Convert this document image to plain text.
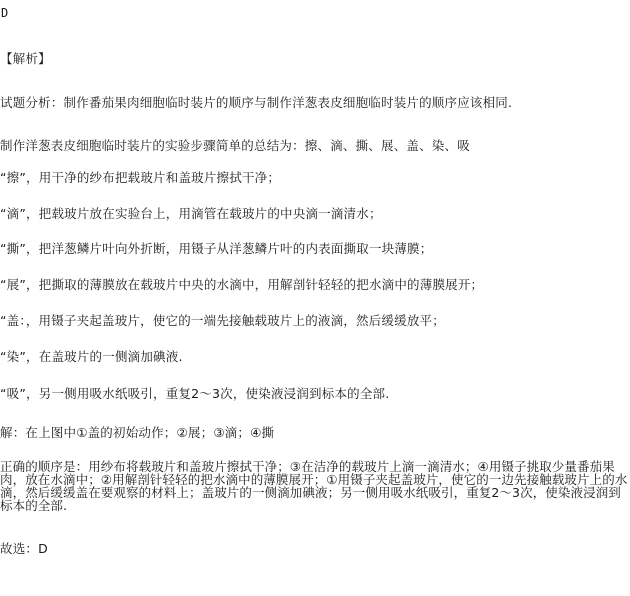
D
【解析】
试题分析：制作番茄果肉细胞临时装片的顺序与制作洋葱表皮细胞临时装片的顺序应该相同.
制作洋葱表皮细胞临时装片的实验步骤简单的总结为：擦、滴、撕、展、盖、染、吸
“擦”，用干净的纱布把载玻片和盖玻片擦拭干净；
“滴”，把载玻片放在实验台上，用滴管在载玻片的中央滴一滴清水；
“撕”，把洋葱鳞片叶向外折断，用镊子从洋葱鳞片叶的内表面撕取一块薄膜；
“展”，把撕取的薄膜放在载玻片中央的水滴中，用解剖针轻轻的把水滴中的薄膜展开；
“盖：，用镊子夹起盖玻片，使它的一端先接触载玻片上的液滴，然后缓缓放平；
“染”，在盖玻片的一侧滴加碘液.
“吸”，另一侧用吸水纸吸引，重复2～3次，使染液浸润到标本的全部.
解：在上图中①盖的初始动作；②展；③滴；④撕
正确的顺序是：用纱布将载玻片和盖玻片擦拭干净；③在洁净的载玻片上滴一滴清水；④用镊子挑取少量番茄果肉，放在水滴中；②用解剖针轻轻的把水滴中的薄膜展开；①用镊子夹起盖玻片，使它的一边先接触载玻片上的水滴，然后缓缓盖在要观察的材料上；盖玻片的一侧滴加碘液；另一侧用吸水纸吸引，重复2～3次，使染液浸润到标本的全部.
故选：D
